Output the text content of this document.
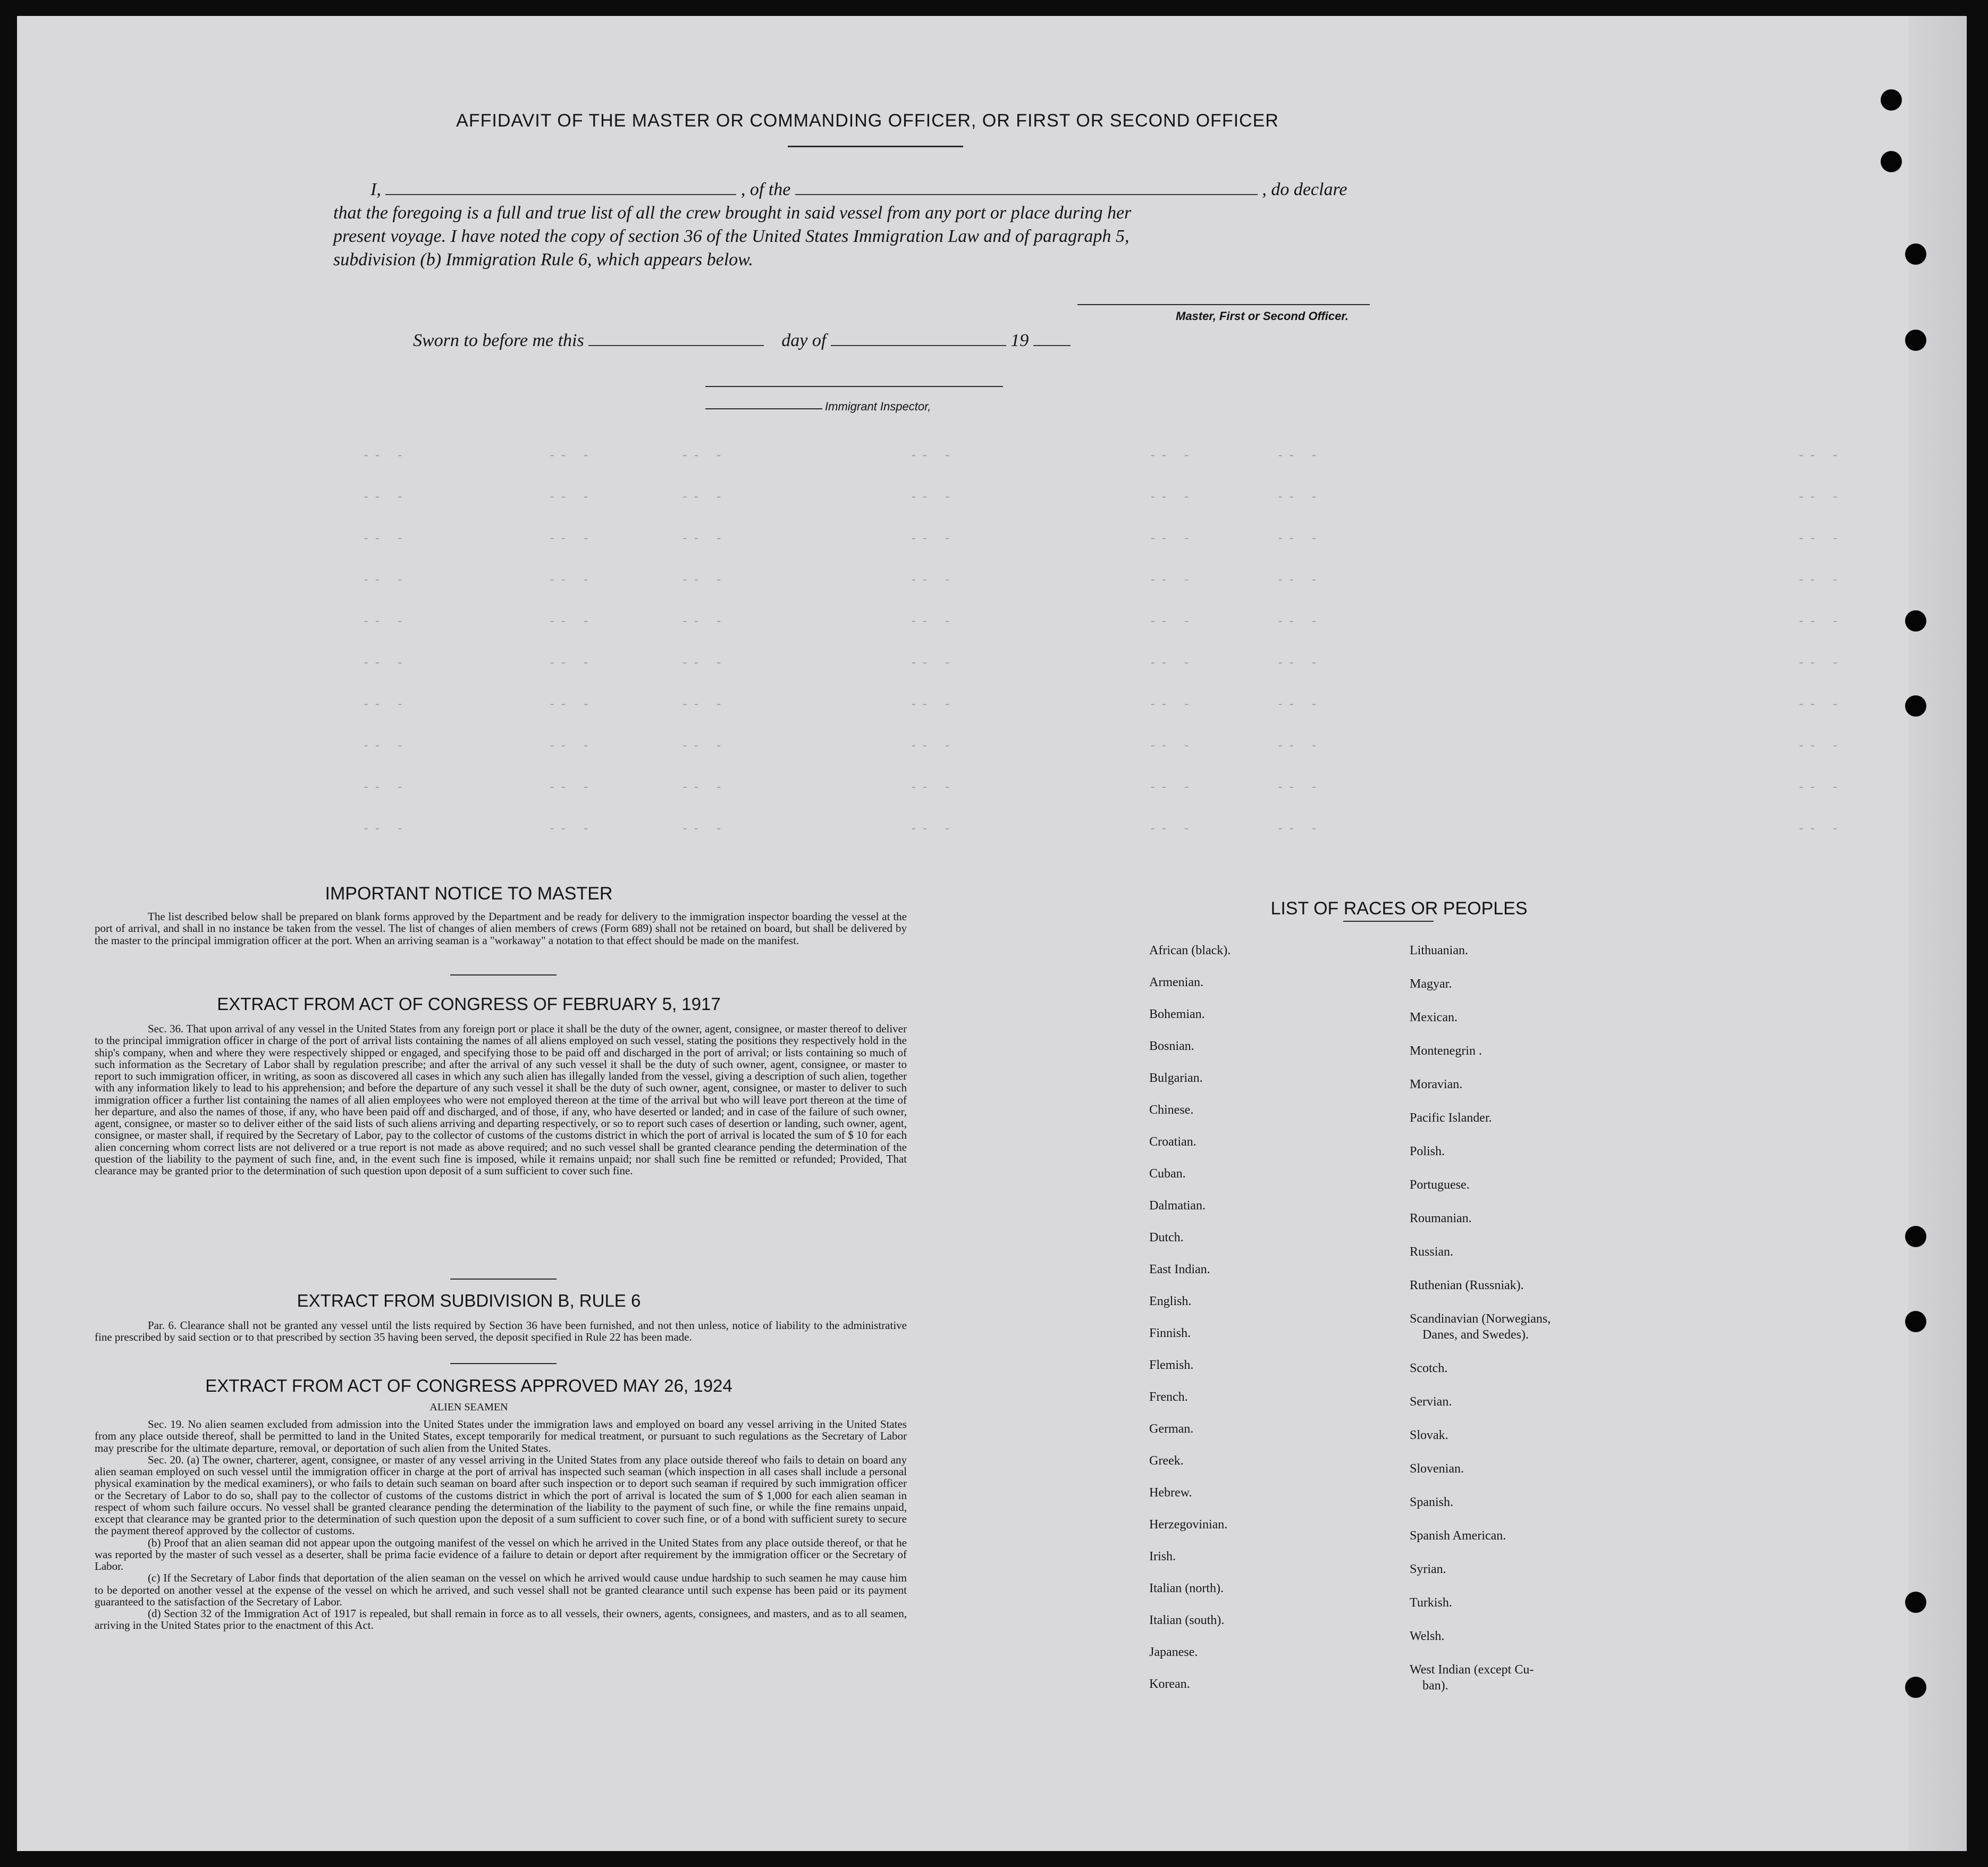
-- -	-- -	-- -	-- -	-- -	-- -	-- -
-- -	-- -	-- -	-- -	-- -	-- -	-- -
-- -	-- -	-- -	-- -	-- -	-- -	-- -
-- -	-- -	-- -	-- -	-- -	-- -	-- -
-- -	-- -	-- -	-- -	-- -	-- -	-- -
-- -	-- -	-- -	-- -	-- -	-- -	-- -
-- -	-- -	-- -	-- -	-- -	-- -	-- -
-- -	-- -	-- -	-- -	-- -	-- -	-- -
-- -	-- -	-- -	-- -	-- -	-- -	-- -
-- -	-- -	-- -	-- -	-- -	-- -	-- -
AFFIDAVIT OF THE MASTER OR COMMANDING OFFICER, OR FIRST OR SECOND OFFICER
I,	, of the	, do declare
that the foregoing is a full and true list of all the crew brought in said vessel from any port or place during her
present voyage. I have noted the copy of section 36 of the United States Immigration Law and of paragraph 5,
subdivision (b) Immigration Rule 6, which appears below.
Master, First or Second Officer.
Sworn to before me this	day of	19
Immigrant Inspector,
IMPORTANT NOTICE TO MASTER
The list described below shall be prepared on blank forms approved by the Department and be ready for delivery to the immigration inspector boarding the vessel at the port of arrival, and shall in no instance be taken from the vessel. The list of changes of alien members of crews (Form 689) shall not be retained on board, but shall be delivered by the master to the principal immigration officer at the port. When an arriving seaman is a "workaway" a notation to that effect should be made on the manifest.
EXTRACT FROM ACT OF CONGRESS OF FEBRUARY 5, 1917
Sec. 36. That upon arrival of any vessel in the United States from any foreign port or place it shall be the duty of the owner, agent, consignee, or master thereof to deliver to the principal immigration officer in charge of the port of arrival lists containing the names of all aliens employed on such vessel, stating the positions they respectively hold in the ship's company, when and where they were respectively shipped or engaged, and specifying those to be paid off and discharged in the port of arrival; or lists containing so much of such information as the Secretary of Labor shall by regulation prescribe; and after the arrival of any such vessel it shall be the duty of such owner, agent, consignee, or master to report to such immigration officer, in writing, as soon as discovered all cases in which any such alien has illegally landed from the vessel, giving a description of such alien, together with any information likely to lead to his apprehension; and before the departure of any such vessel it shall be the duty of such owner, agent, consignee, or master to deliver to such immigration officer a further list containing the names of all alien employees who were not employed thereon at the time of the arrival but who will leave port thereon at the time of her departure, and also the names of those, if any, who have been paid off and discharged, and of those, if any, who have deserted or landed; and in case of the failure of such owner, agent, consignee, or master so to deliver either of the said lists of such aliens arriving and departing respectively, or so to report such cases of desertion or landing, such owner, agent, consignee, or master shall, if required by the Secretary of Labor, pay to the collector of customs of the customs district in which the port of arrival is located the sum of $ 10 for each alien concerning whom correct lists are not delivered or a true report is not made as above required; and no such vessel shall be granted clearance pending the determination of the question of the liability to the payment of such fine, and, in the event such fine is imposed, while it remains unpaid; nor shall such fine be remitted or refunded; Provided, That clearance may be granted prior to the determination of such question upon deposit of a sum sufficient to cover such fine.
EXTRACT FROM SUBDIVISION B, RULE 6
Par. 6. Clearance shall not be granted any vessel until the lists required by Section 36 have been furnished, and not then unless, notice of liability to the administrative fine prescribed by said section or to that prescribed by section 35 having been served, the deposit specified in Rule 22 has been made.
EXTRACT FROM ACT OF CONGRESS APPROVED MAY 26, 1924
ALIEN SEAMEN

Sec. 19. No alien seamen excluded from admission into the United States under the immigration laws and employed on board any vessel arriving in the United States from any place outside thereof, shall be permitted to land in the United States, except temporarily for medical treatment, or pursuant to such regulations as the Secretary of Labor may prescribe for the ultimate departure, removal, or deportation of such alien from the United States.

Sec. 20. (a) The owner, charterer, agent, consignee, or master of any vessel arriving in the United States from any place outside thereof who fails to detain on board any alien seaman employed on such vessel until the immigration officer in charge at the port of arrival has inspected such seaman (which inspection in all cases shall include a personal physical examination by the medical examiners), or who fails to detain such seaman on board after such inspection or to deport such seaman if required by such immigration officer or the Secretary of Labor to do so, shall pay to the collector of customs of the customs district in which the port of arrival is located the sum of $ 1,000 for each alien seaman in respect of whom such failure occurs. No vessel shall be granted clearance pending the determination of the liability to the payment of such fine, or while the fine remains unpaid, except that clearance may be granted prior to the determination of such question upon the deposit of a sum sufficient to cover such fine, or of a bond with sufficient surety to secure the payment thereof approved by the collector of customs.

(b) Proof that an alien seaman did not appear upon the outgoing manifest of the vessel on which he arrived in the United States from any place outside thereof, or that he was reported by the master of such vessel as a deserter, shall be prima facie evidence of a failure to detain or deport after requirement by the immigration officer or the Secretary of Labor.

(c) If the Secretary of Labor finds that deportation of the alien seaman on the vessel on which he arrived would cause undue hardship to such seamen he may cause him to be deported on another vessel at the expense of the vessel on which he arrived, and such vessel shall not be granted clearance until such expense has been paid or its payment guaranteed to the satisfaction of the Secretary of Labor.

(d) Section 32 of the Immigration Act of 1917 is repealed, but shall remain in force as to all vessels, their owners, agents, consignees, and masters, and as to all seamen, arriving in the United States prior to the enactment of this Act.

LIST OF RACES OR PEOPLES
African (black).
Armenian.
Bohemian.
Bosnian.
Bulgarian.
Chinese.
Croatian.
Cuban.
Dalmatian.
Dutch.
East Indian.
English.
Finnish.
Flemish.
French.
German.
Greek.
Hebrew.
Herzegovinian.
Irish.
Italian (north).
Italian (south).
Japanese.
Korean.
Lithuanian.
Magyar.
Mexican.
Montenegrin .
Moravian.
Pacific Islander.
Polish.
Portuguese.
Roumanian.
Russian.
Ruthenian (Russniak).
Scandinavian (Norwegians,
Danes, and Swedes).
Scotch.
Servian.
Slovak.
Slovenian.
Spanish.
Spanish American.
Syrian.
Turkish.
Welsh.
West Indian (except Cu-
ban).
